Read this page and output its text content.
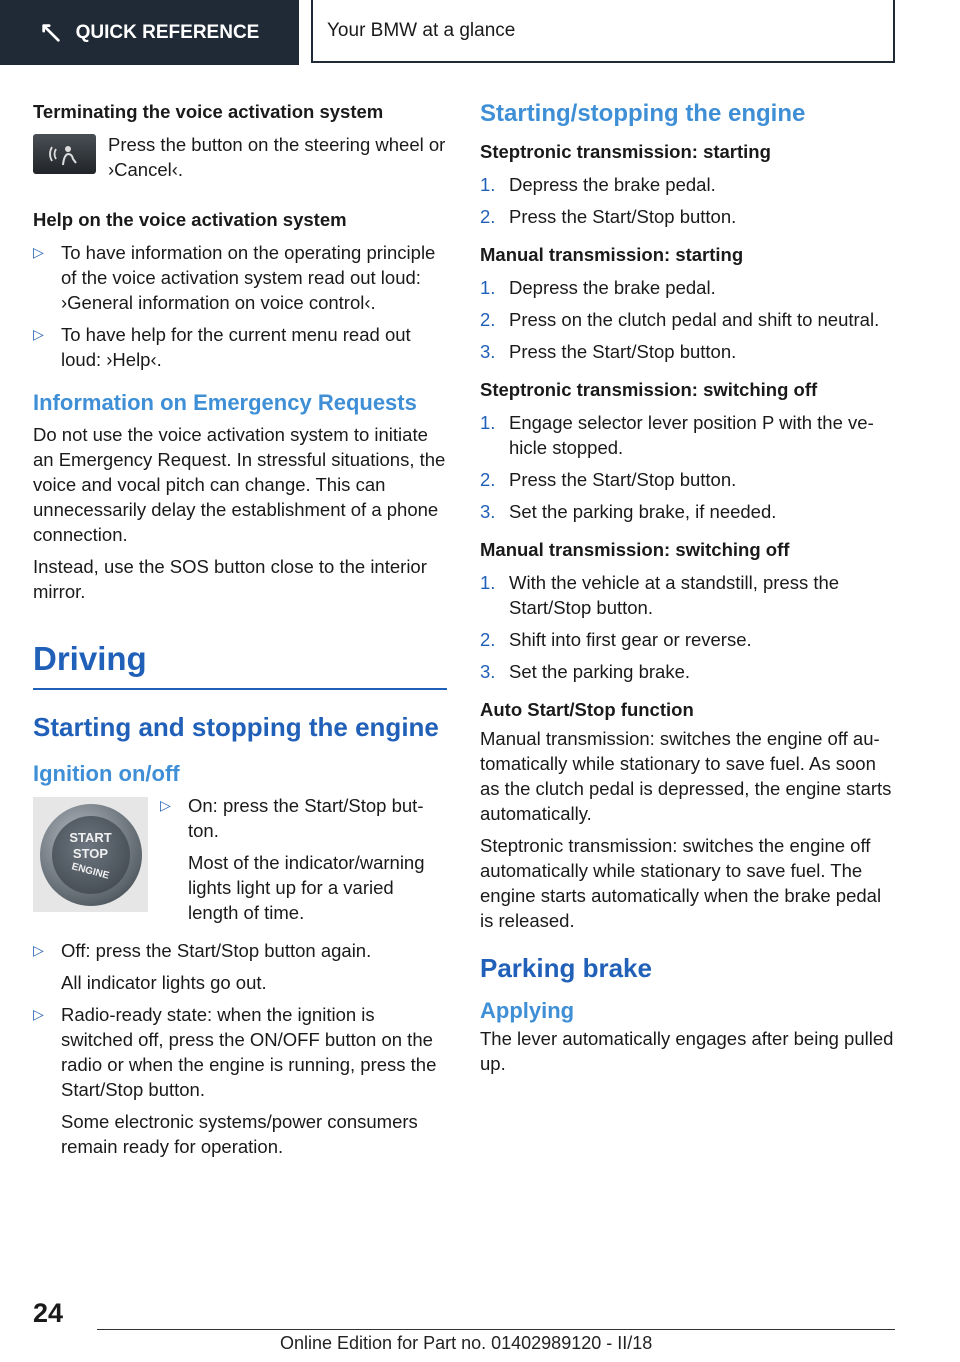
QUICK REFERENCE	Your BMW at a glance
Terminating the voice activation system
Press the button on the steering wheel or ›Cancel‹.
Help on the voice activation system
▷ To have information on the operating principle of the voice activation system read out loud: ›General information on voice control‹.
▷ To have help for the current menu read out loud: ›Help‹.
Information on Emergency Requests
Do not use the voice activation system to initiate an Emergency Request. In stressful situations, the voice and vocal pitch can change. This can unnecessarily delay the establishment of a phone connection.
Instead, use the SOS button close to the interior mirror.
Driving
Starting and stopping the engine
Ignition on/off
START
STOP
ENGINE
▷ On: press the Start/Stop button.
Most of the indicator/warning lights light up for a varied length of time.
▷ Off: press the Start/Stop button again.
All indicator lights go out.
▷ Radio-ready state: when the ignition is switched off, press the ON/OFF button on the radio or when the engine is running, press the Start/Stop button.
Some electronic systems/power consumers remain ready for operation.
Starting/stopping the engine
Steptronic transmission: starting
1. Depress the brake pedal.
2. Press the Start/Stop button.
Manual transmission: starting
1. Depress the brake pedal.
2. Press on the clutch pedal and shift to neutral.
3. Press the Start/Stop button.
Steptronic transmission: switching off
1. Engage selector lever position P with the vehicle stopped.
2. Press the Start/Stop button.
3. Set the parking brake, if needed.
Manual transmission: switching off
1. With the vehicle at a standstill, press the Start/Stop button.
2. Shift into first gear or reverse.
3. Set the parking brake.
Auto Start/Stop function
Manual transmission: switches the engine off automatically while stationary to save fuel. As soon as the clutch pedal is depressed, the engine starts automatically.
Steptronic transmission: switches the engine off automatically while stationary to save fuel. The engine starts automatically when the brake pedal is released.
Parking brake
Applying
The lever automatically engages after being pulled up.
24
Online Edition for Part no. 01402989120 - II/18
